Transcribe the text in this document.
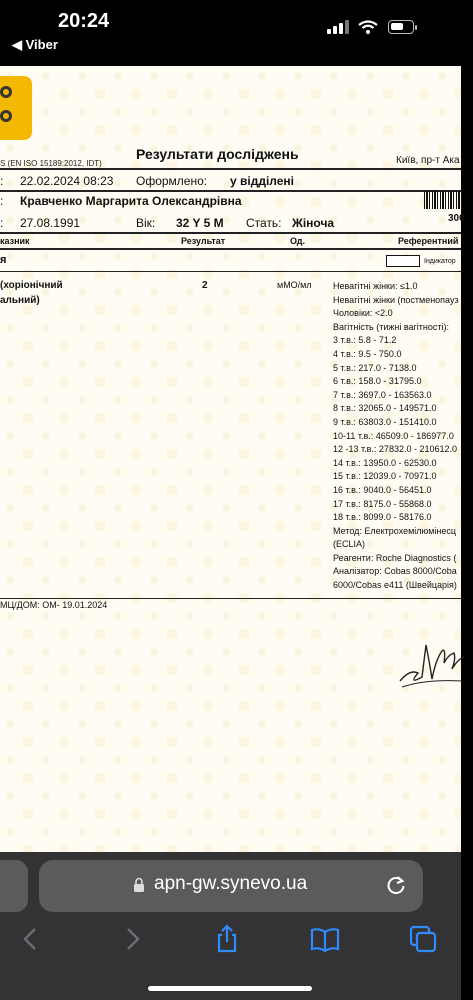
20:24
◀ Viber
S (EN ISO 15189:2012, IDT)
Результати досліджень	Київ, пр-т Ака
: 22.02.2024 08:23 Оформлено: у відділені
: Кравченко Маргарита Олександрівна
300
: 27.08.1991	Вік: 32 Y 5 M Стать: Жіноча
казник	Результат	Од.	Референтний
я	Індикатор
(хоріонічний
альний)
2	мМО/мл Невагітні жінки: ≤1.0
Невагітні жінки (постменопауз
Чоловіки: <2.0
Вагітність (тижні вагітності):
3 т.в.: 5.8 - 71.2
4 т.в.: 9.5 - 750.0
5 т.в.: 217.0 - 7138.0
6 т.в.: 158.0 - 31795.0
7 т.в.: 3697.0 - 163563.0
8 т.в.: 32065.0 - 149571.0
9 т.в.: 63803.0 - 151410.0
10-11 т.в.: 46509.0 - 186977.0
12 -13 т.в.: 27832.0 - 210612.0
14 т.в.: 13950.0 - 62530.0
15 т.в.: 12039.0 - 70971.0
16 т.в.: 9040.0 - 56451.0
17 т.в.: 8175.0 - 55868.0
18 т.в.: 8099.0 - 58176.0
Метод: Електрохемілюмінесц
(ECLIA)
Реагенти: Roche Diagnostics (
Аналізатор: Cobas 8000/Coba
6000/Cobas e411 (Швейцарія)
МЦ/ДОМ: ОМ- 19.01.2024
apn-gw.synevo.ua
